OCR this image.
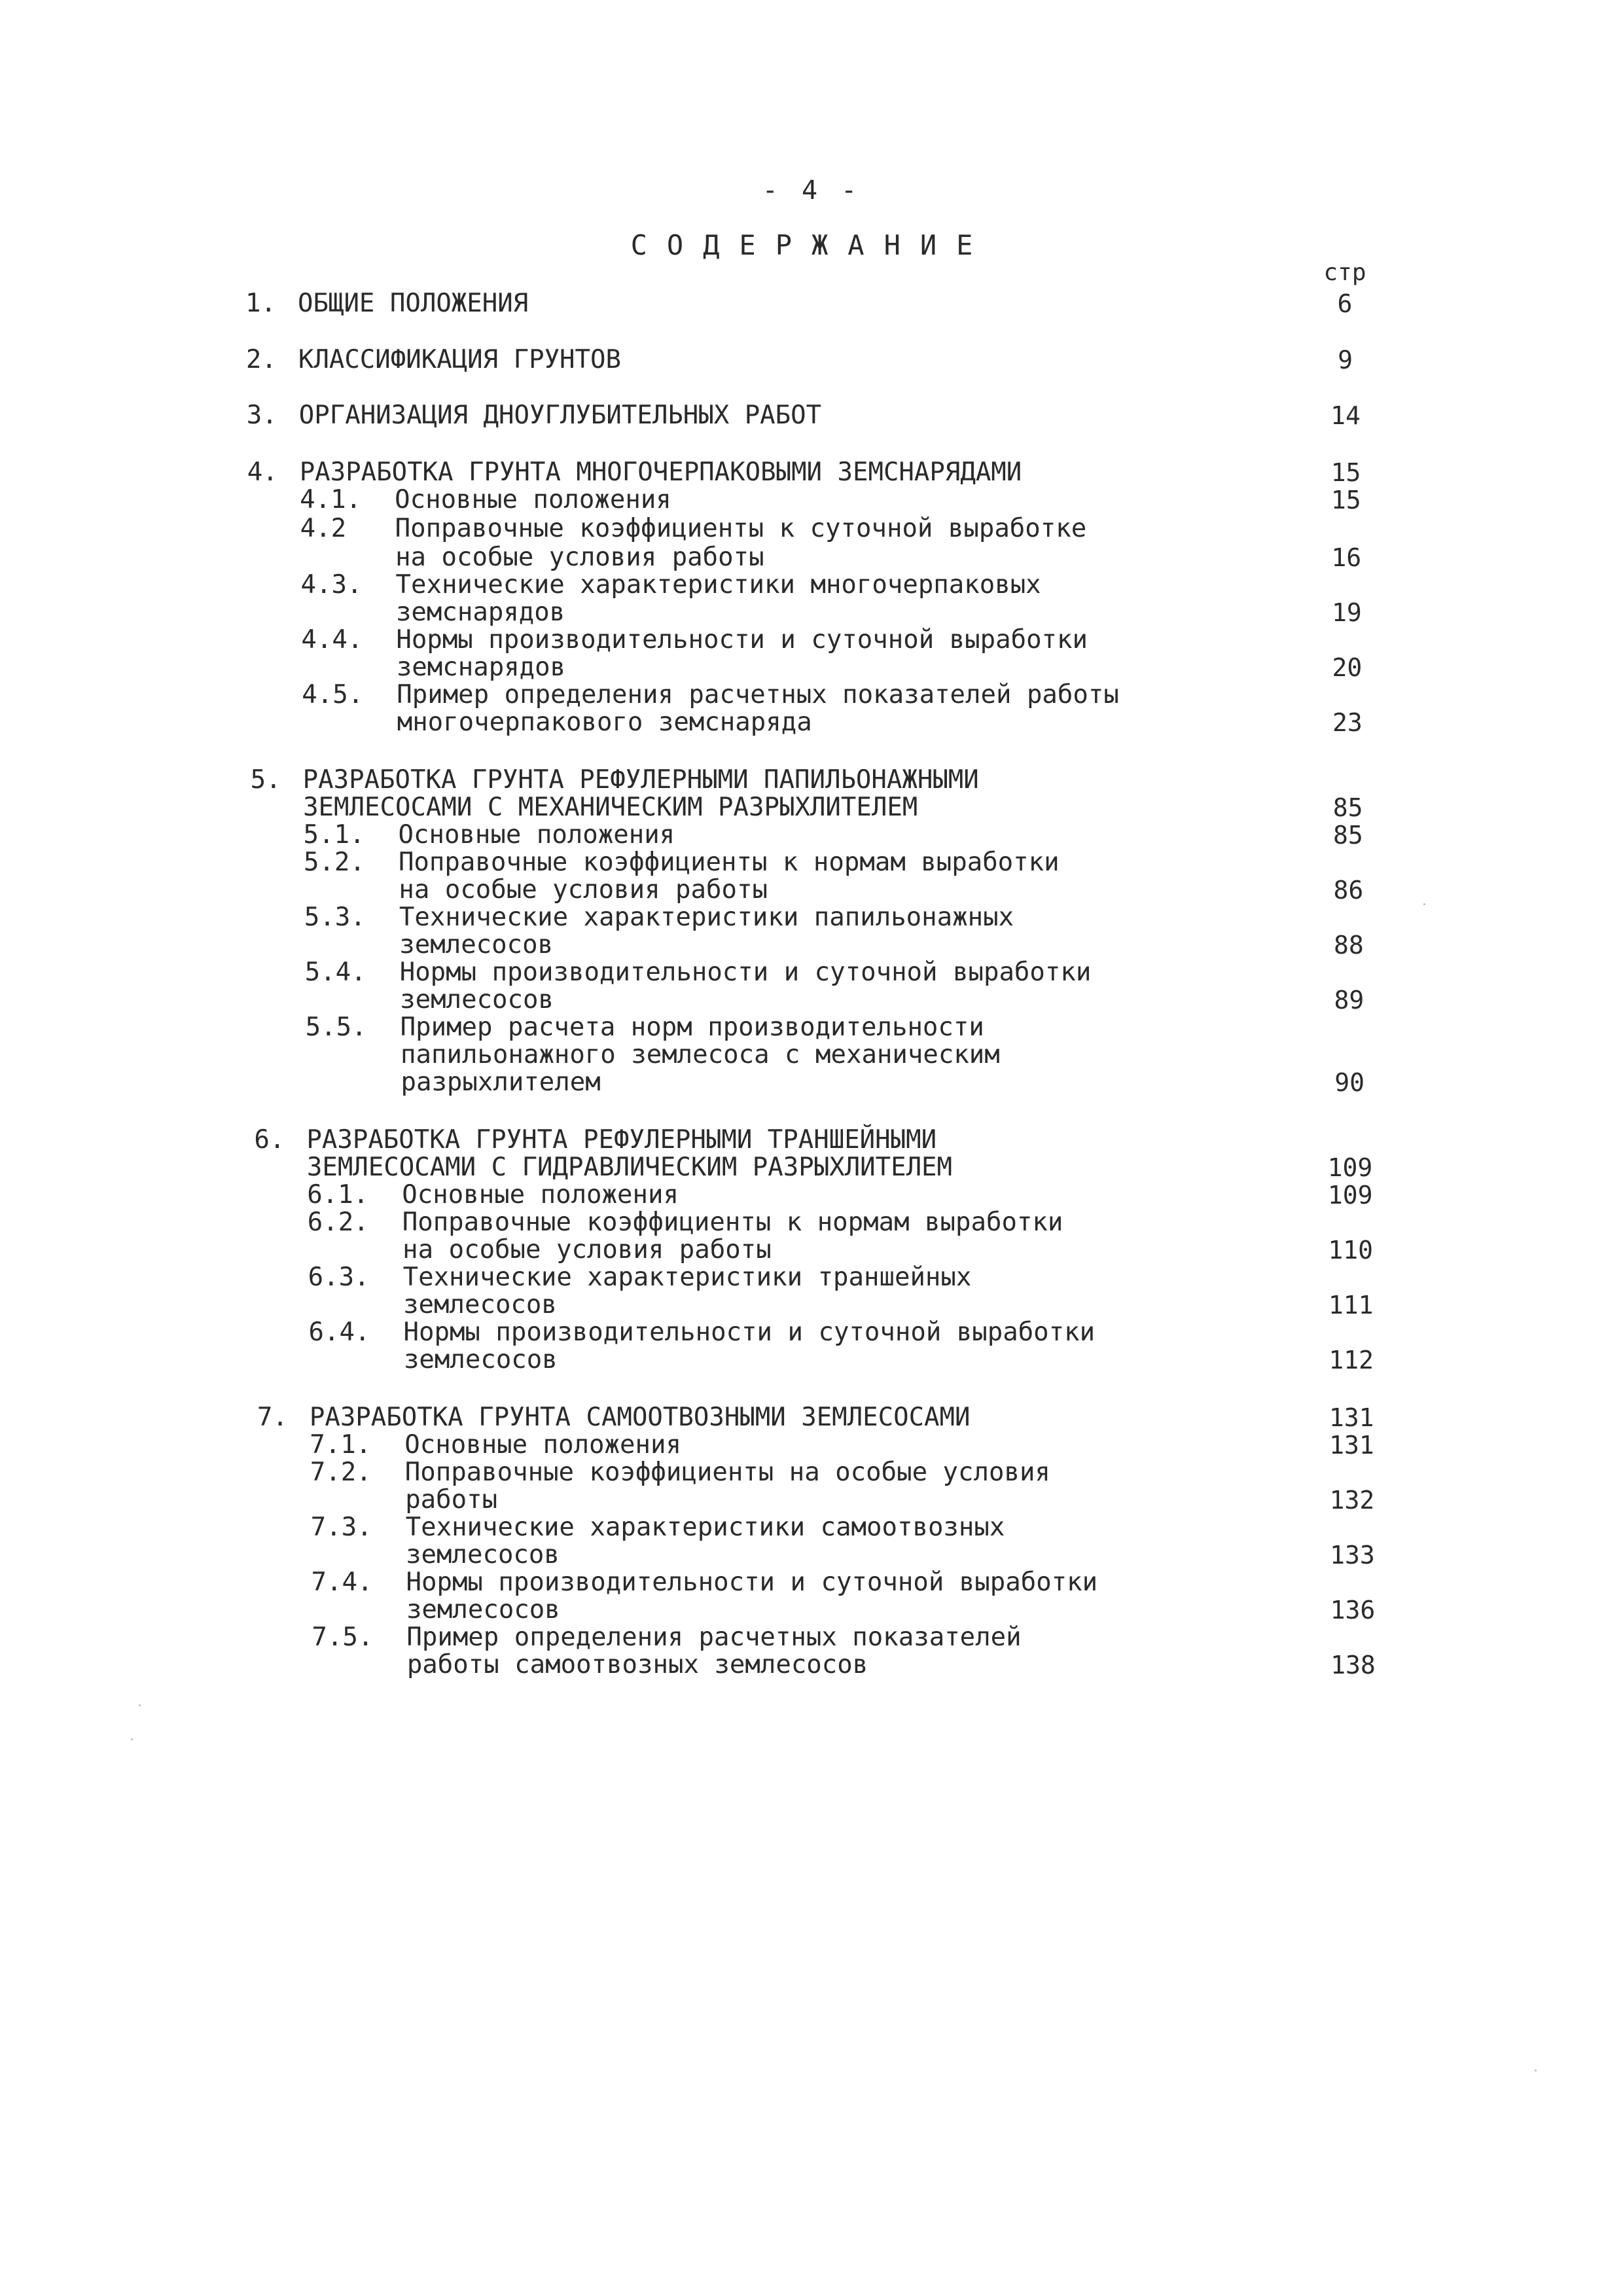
- 4 -
СОДЕРЖАНИЕ
стр
1. ОБЩИЕ ПОЛОЖЕНИЯ	6
2. КЛАССИФИКАЦИЯ ГРУНТОВ	9
3. ОРГАНИЗАЦИЯ ДНОУГЛУБИТЕЛЬНЫХ РАБОТ	14
4. РАЗРАБОТКА ГРУНТА МНОГОЧЕРПАКОВЫМИ ЗЕМСНАРЯДАМИ	15
4.1. Основные положения	15
4.2 Поправочные коэффициенты к суточной выработке
на особые условия работы	16
4.3. Технические характеристики многочерпаковых
земснарядов	19
4.4. Нормы производительности и суточной выработки
земснарядов	20
4.5. Пример определения расчетных показателей работы
многочерпакового земснаряда	23
5. РАЗРАБОТКА ГРУНТА РЕФУЛЕРНЫМИ ПАПИЛЬОНАЖНЫМИ
ЗЕМЛЕСОСАМИ С МЕХАНИЧЕСКИМ РАЗРЫХЛИТЕЛЕМ	85
5.1. Основные положения	85
5.2. Поправочные коэффициенты к нормам выработки
на особые условия работы	86
5.3. Технические характеристики папильонажных
землесосов	88
5.4. Нормы производительности и суточной выработки
землесосов	89
5.5. Пример расчета норм производительности
папильонажного землесоса с механическим
разрыхлителем	90
6. РАЗРАБОТКА ГРУНТА РЕФУЛЕРНЫМИ ТРАНШЕЙНЫМИ
ЗЕМЛЕСОСАМИ С ГИДРАВЛИЧЕСКИМ РАЗРЫХЛИТЕЛЕМ	109
6.1. Основные положения	109
6.2. Поправочные коэффициенты к нормам выработки
на особые условия работы	110
6.3. Технические характеристики траншейных
землесосов	111
6.4. Нормы производительности и суточной выработки
землесосов	112
7. РАЗРАБОТКА ГРУНТА САМООТВОЗНЫМИ ЗЕМЛЕСОСАМИ	131
7.1. Основные положения	131
7.2. Поправочные коэффициенты на особые условия
работы	132
7.3. Технические характеристики самоотвозных
землесосов	133
7.4. Нормы производительности и суточной выработки
землесосов	136
7.5. Пример определения расчетных показателей
работы самоотвозных землесосов	138
